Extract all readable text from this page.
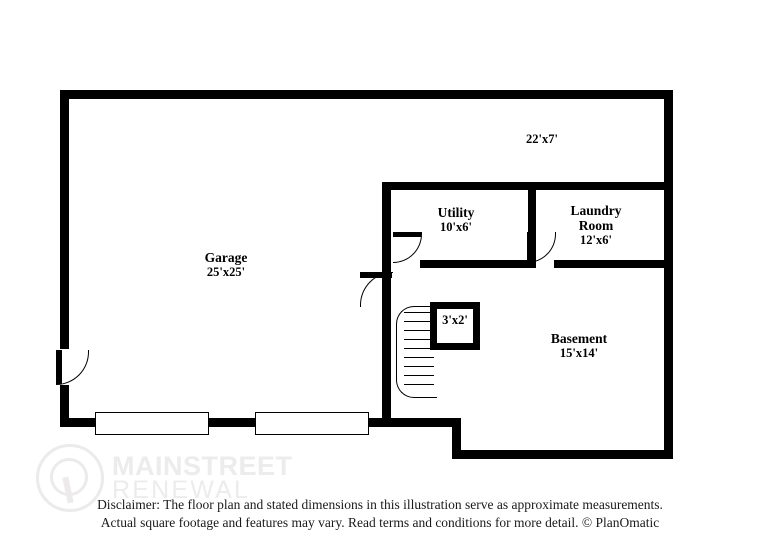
MAINSTREET
RENEWAL
Garage
25'x25'
22'x7'
Utility
10'x6'
Laundry
Room
12'x6'
3'x2'
Basement
15'x14'
Disclaimer: The floor plan and stated dimensions in this illustration serve as approximate measurements.
Actual square footage and features may vary. Read terms and conditions for more detail. © PlanOmatic
